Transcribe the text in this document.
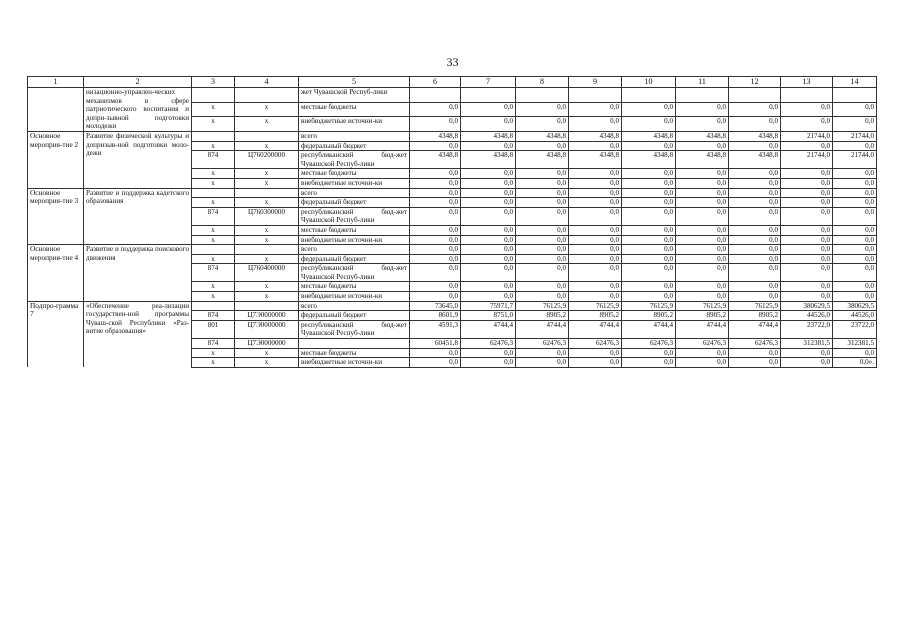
33
1	2	3	4	5	6	7	8	9	10	11	12	13	14
	низационно-управлен-ческих механизмов в сфере патриотического воспитания и допри-зывной подготовки молодежи			жет Чувашской Респуб-лики									
		x	x	местные бюджеты	0,0	0,0	0,0	0,0	0,0	0,0	0,0	0,0	0,0
		x	x	внебюджетные источни-ки	0,0	0,0	0,0	0,0	0,0	0,0	0,0	0,0	0,0
Основное мероприя-тие 2	Развитие физической культуры и допризыв-ной подготовки моло-дежи			всего	4348,8	4348,8	4348,8	4348,8	4348,8	4348,8	4348,8	21744,0	21744,0
		x	x	федеральный бюджет	0,0	0,0	0,0	0,0	0,0	0,0	0,0	0,0	0,0
		874	Ц760200000	республиканский бюд-жет Чувашской Респуб-лики	4348,8	4348,8	4348,8	4348,8	4348,8	4348,8	4348,8	21744,0	21744,0
		x	x	местные бюджеты	0,0	0,0	0,0	0,0	0,0	0,0	0,0	0,0	0,0
		x	x	внебюджетные источни-ки	0,0	0,0	0,0	0,0	0,0	0,0	0,0	0,0	0,0
Основное мероприя-тие 3	Развитие и поддержка кадетского образования			всего	0,0	0,0	0,0	0,0	0,0	0,0	0,0	0,0	0,0
		x	x	федеральный бюджет	0,0	0,0	0,0	0,0	0,0	0,0	0,0	0,0	0,0
		874	Ц760300000	республиканский бюд-жет Чувашской Респуб-лики	0,0	0,0	0,0	0,0	0,0	0,0	0,0	0,0	0,0
		x	x	местные бюджеты	0,0	0,0	0,0	0,0	0,0	0,0	0,0	0,0	0,0
		x	x	внебюджетные источни-ки	0,0	0,0	0,0	0,0	0,0	0,0	0,0	0,0	0,0
Основное мероприя-тие 4	Развитие и поддержка поискового движения			всего	0,0	0,0	0,0	0,0	0,0	0,0	0,0	0,0	0,0
		x	x	федеральный бюджет	0,0	0,0	0,0	0,0	0,0	0,0	0,0	0,0	0,0
		874	Ц760400000	республиканский бюд-жет Чувашской Респуб-лики	0,0	0,0	0,0	0,0	0,0	0,0	0,0	0,0	0,0
		x	x	местные бюджеты	0,0	0,0	0,0	0,0	0,0	0,0	0,0	0,0	0,0
		x	x	внебюджетные источни-ки	0,0	0,0	0,0	0,0	0,0	0,0	0,0	0,0	0,0
Подпро-грамма 7	«Обеспечение реа-лизации государствен-ной программы Чуваш-ской Республики «Раз-витие образования»			всего	73645,0	75971,7	76125,9	76125,9	76125,9	76125,9	76125,9	380629,5	380629,5
		874	Ц7Э0000000	федеральный бюджет	8601,9	8751,0	8905,2	8905,2	8905,2	8905,2	8905,2	44526,0	44526,0
		801	Ц7Э0000000	республиканский бюд-жет Чувашской Респуб-лики	4591,3	4744,4	4744,4	4744,4	4744,4	4744,4	4744,4	23722,0	23722,0
		874	Ц7Э0000000		60451,8	62476,3	62476,3	62476,3	62476,3	62476,3	62476,3	312381,5	312381,5
		x	x	местные бюджеты	0,0	0,0	0,0	0,0	0,0	0,0	0,0	0,0	0,0
		x	x	внебюджетные источни-ки	0,0	0,0	0,0	0,0	0,0	0,0	0,0	0,0	0,0».
